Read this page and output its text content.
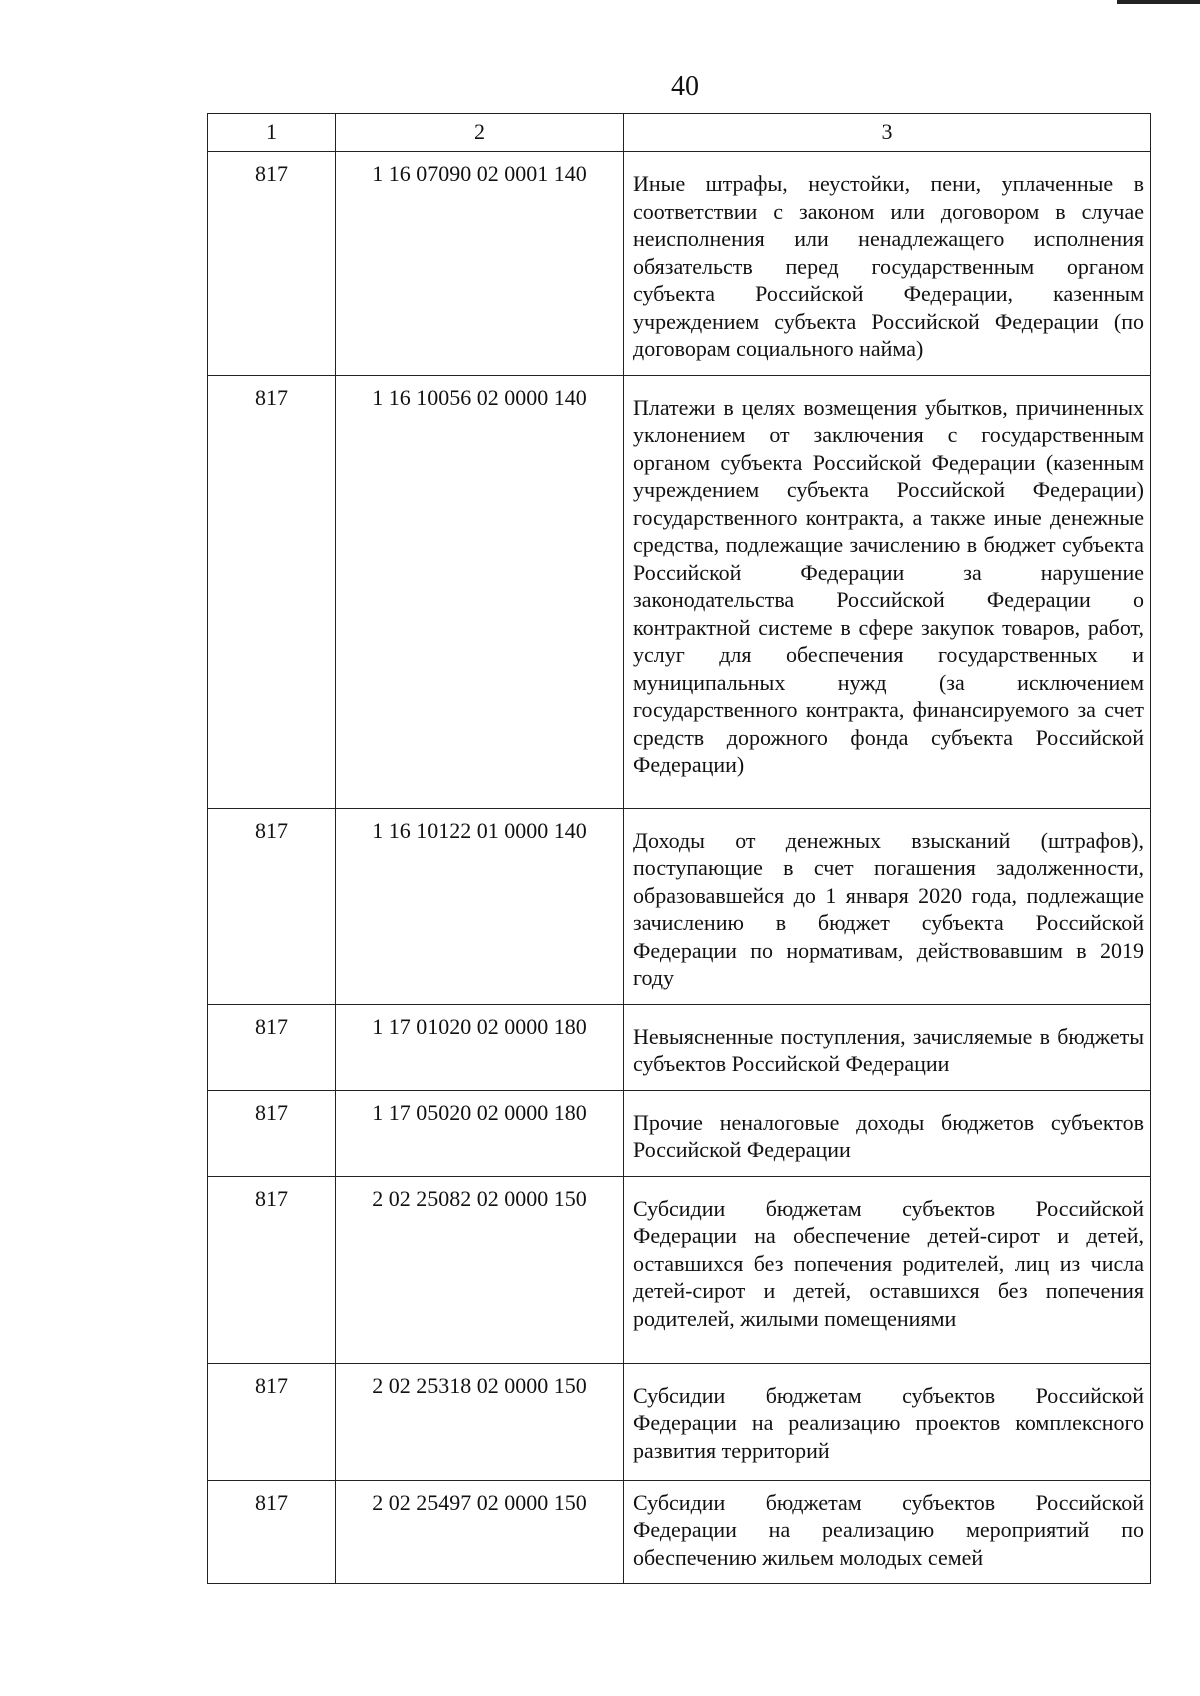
40
1	2	3
817	1 16 07090 02 0001 140	Иные штрафы, неустойки, пени, уплаченные в соответствии с законом или договором в случае неисполнения или ненадлежащего исполнения обязательств перед государственным органом субъекта Российской Федерации, казенным учреждением субъекта Российской Федерации (по договорам социального найма)
817	1 16 10056 02 0000 140	Платежи в целях возмещения убытков, причиненных уклонением от заключения с государственным органом субъекта Российской Федерации (казенным учреждением субъекта Российской Федерации) государственного контракта, а также иные денежные средства, подлежащие зачислению в бюджет субъекта Российской Федерации за нарушение законодательства Российской Федерации о контрактной системе в сфере закупок товаров, работ, услуг для обеспечения государственных и муниципальных нужд (за исключением государственного контракта, финансируемого за счет средств дорожного фонда субъекта Российской Федерации)
817	1 16 10122 01 0000 140	Доходы от денежных взысканий (штрафов), поступающие в счет погашения задолженности, образовавшейся до 1 января 2020 года, подлежащие зачислению в бюджет субъекта Российской Федерации по нормативам, действовавшим в 2019 году
817	1 17 01020 02 0000 180	Невыясненные поступления, зачисляемые в бюджеты субъектов Российской Федерации
817	1 17 05020 02 0000 180	Прочие неналоговые доходы бюджетов субъектов Российской Федерации
817	2 02 25082 02 0000 150	Субсидии бюджетам субъектов Российской Федерации на обеспечение детей-сирот и детей, оставшихся без попечения родителей, лиц из числа детей-сирот и детей, оставшихся без попечения родителей, жилыми помещениями
817	2 02 25318 02 0000 150	Субсидии бюджетам субъектов Российской Федерации на реализацию проектов комплексного развития территорий
817	2 02 25497 02 0000 150	Субсидии бюджетам субъектов Российской Федерации на реализацию мероприятий по обеспечению жильем молодых семей
